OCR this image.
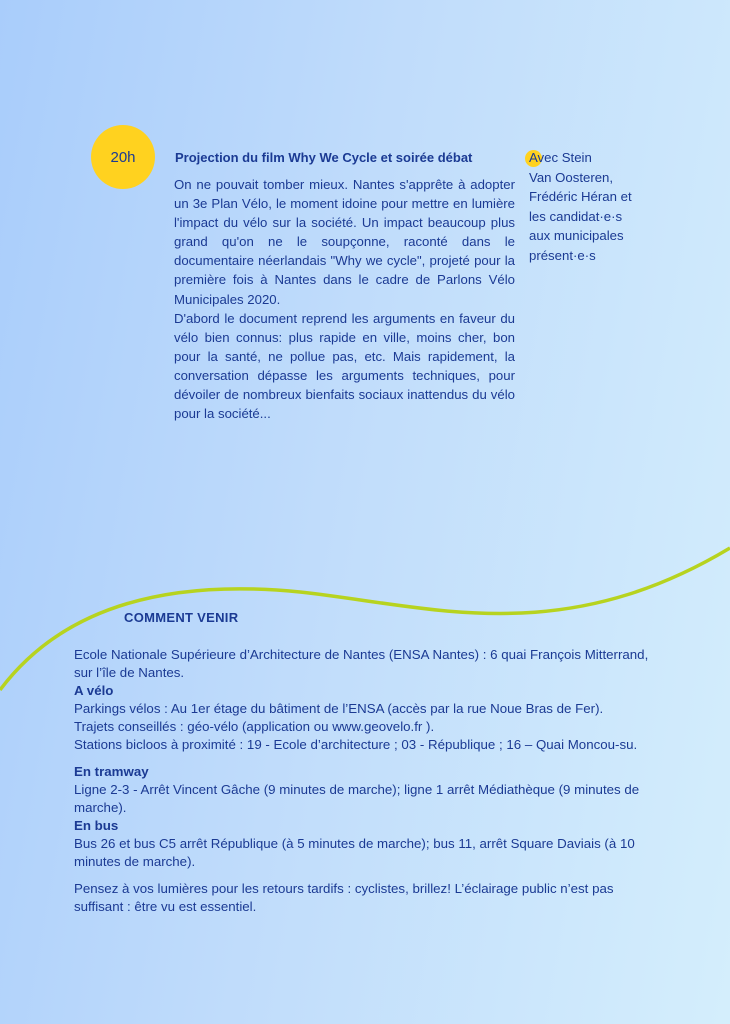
20h	Projection du film Why We Cycle et soirée débat

On ne pouvait tomber mieux. Nantes s'apprête à adopter un 3e Plan Vélo, le moment idoine pour mettre en lumière l'impact du vélo sur la société. Un impact beaucoup plus grand qu'on ne le soupçonne, raconté dans le documentaire néerlandais "Why we cycle", projeté pour la première fois à Nantes dans le cadre de Parlons Vélo Municipales 2020.

D'abord le document reprend les arguments en faveur du vélo bien connus: plus rapide en ville, moins cher, bon pour la santé, ne pollue pas, etc. Mais rapidement, la conversation dépasse les arguments techniques, pour dévoiler de nombreux bienfaits sociaux inattendus du vélo pour la société...

Avec Stein
Van Oosteren,
Frédéric Héran et
les candidat·e·s
aux municipales
présent·e·s
COMMENT VENIR

Ecole Nationale Supérieure d’Architecture de Nantes (ENSA Nantes) : 6 quai François Mitterrand, sur l’île de Nantes.

A vélo

Parkings vélos : Au 1er étage du bâtiment de l’ENSA (accès par la rue Noue Bras de Fer).

Trajets conseillés : géo-vélo (application ou www.geovelo.fr ).

Stations bicloos à proximité : 19 - Ecole d’architecture ; 03 - République ; 16 – Quai Moncou-su.

En tramway

Ligne 2-3 - Arrêt Vincent Gâche (9 minutes de marche); ligne 1 arrêt Médiathèque (9 minutes de marche).

En bus

Bus 26 et bus C5 arrêt République (à 5 minutes de marche); bus 11, arrêt Square Daviais (à 10 minutes de marche).

Pensez à vos lumières pour les retours tardifs : cyclistes, brillez! L’éclairage public n’est pas suffisant : être vu est essentiel.
